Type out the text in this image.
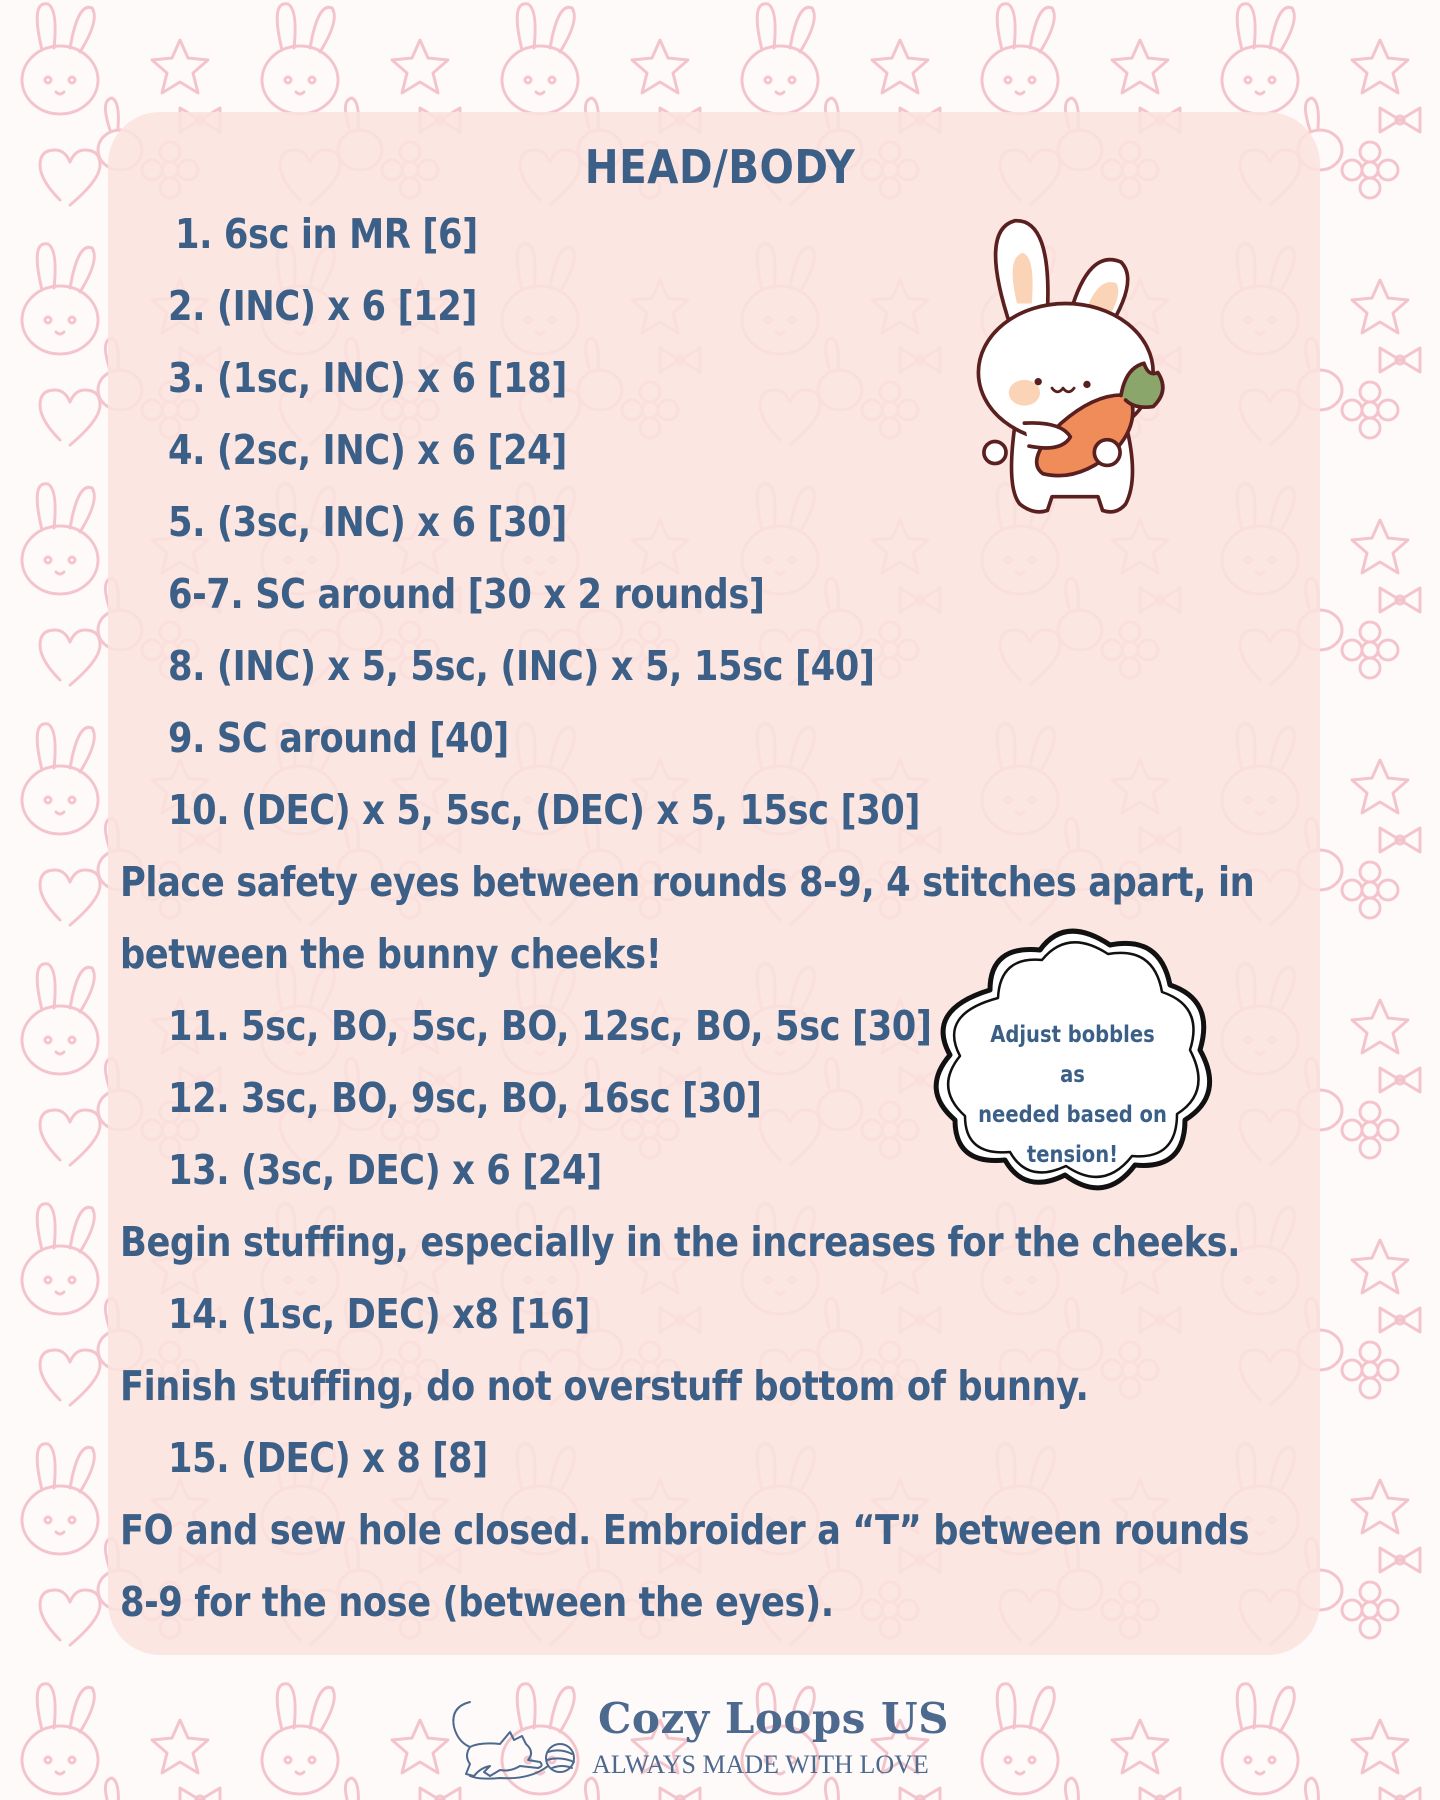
HEAD/BODY
1. 6sc in MR [6]
2. (INC) x 6 [12]
3. (1sc, INC) x 6 [18]
4. (2sc, INC) x 6 [24]
5. (3sc, INC) x 6 [30]
6-7. SC around [30 x 2 rounds]
8. (INC) x 5, 5sc, (INC) x 5, 15sc [40]
9. SC around [40]
10. (DEC) x 5, 5sc, (DEC) x 5, 15sc [30]
Place safety eyes between rounds 8-9, 4 stitches apart, in
between the bunny cheeks!
11. 5sc, BO, 5sc, BO, 12sc, BO, 5sc [30]
12. 3sc, BO, 9sc, BO, 16sc [30]
13. (3sc, DEC) x 6 [24]
Begin stuffing, especially in the increases for the cheeks.
14. (1sc, DEC) x8 [16]
Finish stuffing, do not overstuff bottom of bunny.
15. (DEC) x 8 [8]
FO and sew hole closed. Embroider a “T” between rounds
8-9 for the nose (between the eyes).
Adjust bobbles as
needed based on
tension!
Cozy Loops US
ALWAYS MADE WITH LOVE
